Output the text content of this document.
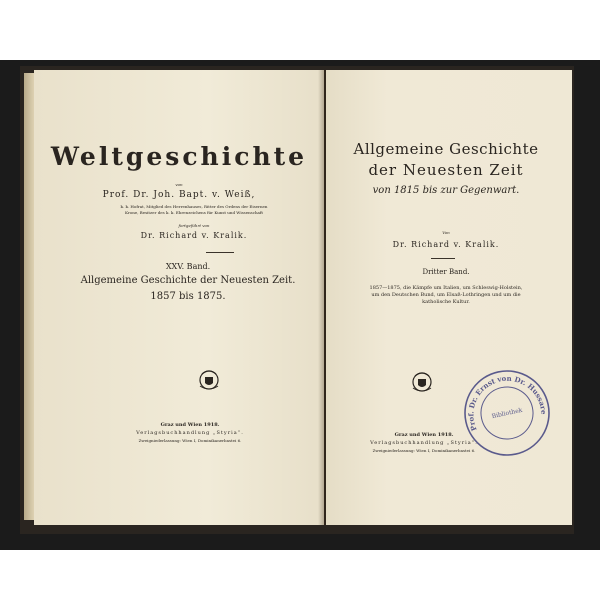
Weltgeschichte
von
Prof. Dr. Joh. Bapt. v. Weiß,
k. k. Hofrat, Mitglied des Herrenhauses, Ritter des Ordens der Eisernen
Krone, Besitzer des k. k. Ehrenzeichens für Kunst und Wissenschaft
fortgeführt von
Dr. Richard v. Kralik.
XXV. Band.
Allgemeine Geschichte der Neuesten Zeit.
1857 bis 1875.
Graz und Wien 1918.
Verlagsbuchhandlung „Styria“.
Zweigniederlassung: Wien I, Dominikanerbastei 6.
Allgemeine Geschichte
der Neuesten Zeit
von 1815 bis zur Gegenwart.
Von
Dr. Richard v. Kralik.
Dritter Band.
1857—1875, die Kämpfe um Italien, um Schleswig-Holstein,
um den Deutschen Bund, um Elsaß-Lothringen und um die
katholische Kultur.
Graz und Wien 1918.
Verlagsbuchhandlung „Styria“.
Zweigniederlassung: Wien I, Dominikanerbastei 6.
Prof. Dr. Ernst von Dr. Hussarek-Heinlein
Bibliothek
